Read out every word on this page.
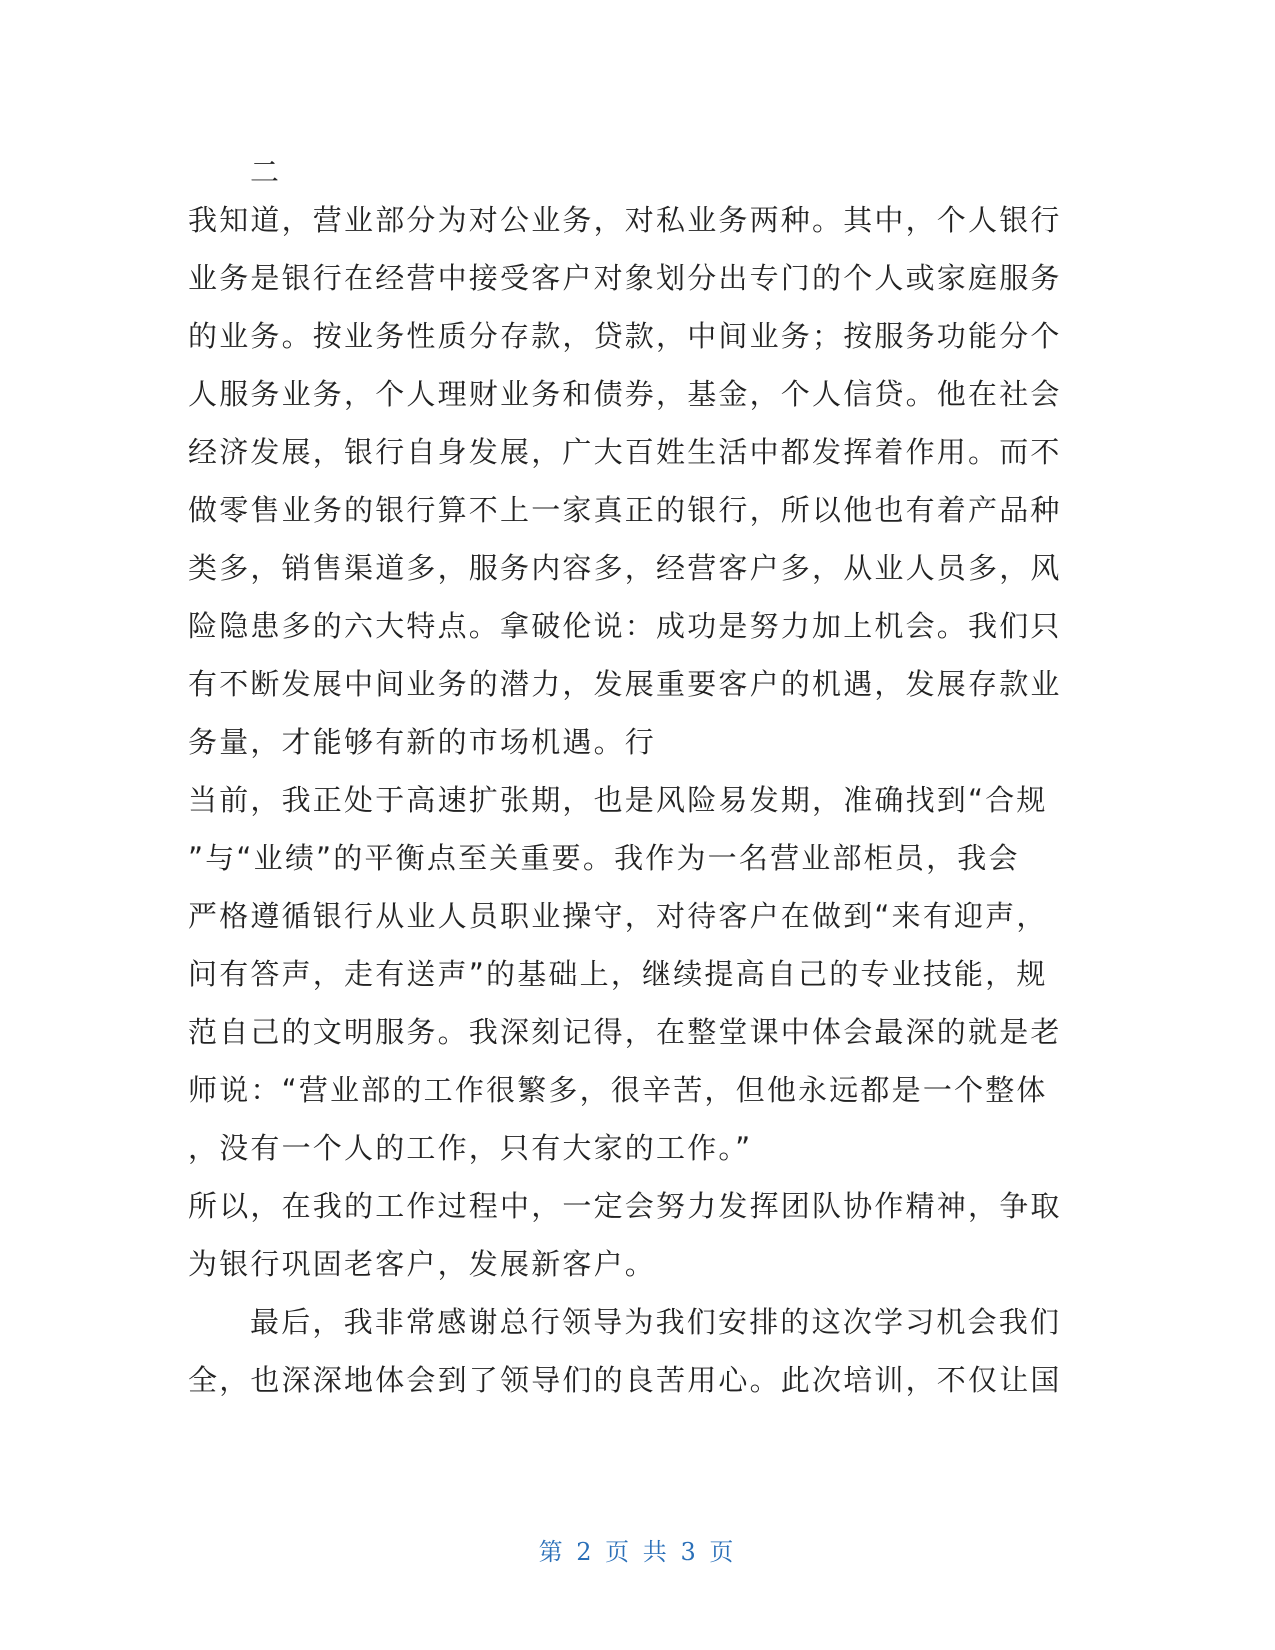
二
我知道，营业部分为对公业务，对私业务两种。其中，个人银行
业务是银行在经营中接受客户对象划分出专门的个人或家庭服务
的业务。按业务性质分存款，贷款，中间业务；按服务功能分个
人服务业务，个人理财业务和债券，基金，个人信贷。他在社会
经济发展，银行自身发展，广大百姓生活中都发挥着作用。而不
做零售业务的银行算不上一家真正的银行，所以他也有着产品种
类多，销售渠道多，服务内容多，经营客户多，从业人员多，风
险隐患多的六大特点。拿破伦说：成功是努力加上机会。我们只
有不断发展中间业务的潜力，发展重要客户的机遇，发展存款业
务量，才能够有新的市场机遇。行
当前，我正处于高速扩张期，也是风险易发期，准确找到“合规
”与“业绩”的平衡点至关重要。我作为一名营业部柜员，我会
严格遵循银行从业人员职业操守，对待客户在做到“来有迎声，
问有答声，走有送声”的基础上，继续提高自己的专业技能，规
范自己的文明服务。我深刻记得，在整堂课中体会最深的就是老
师说：“营业部的工作很繁多，很辛苦，但他永远都是一个整体
，没有一个人的工作，只有大家的工作。”
所以，在我的工作过程中，一定会努力发挥团队协作精神，争取
为银行巩固老客户，发展新客户。
最后，我非常感谢总行领导为我们安排的这次学习机会我们
全，也深深地体会到了领导们的良苦用心。此次培训，不仅让国
第 2 页 共 3 页
